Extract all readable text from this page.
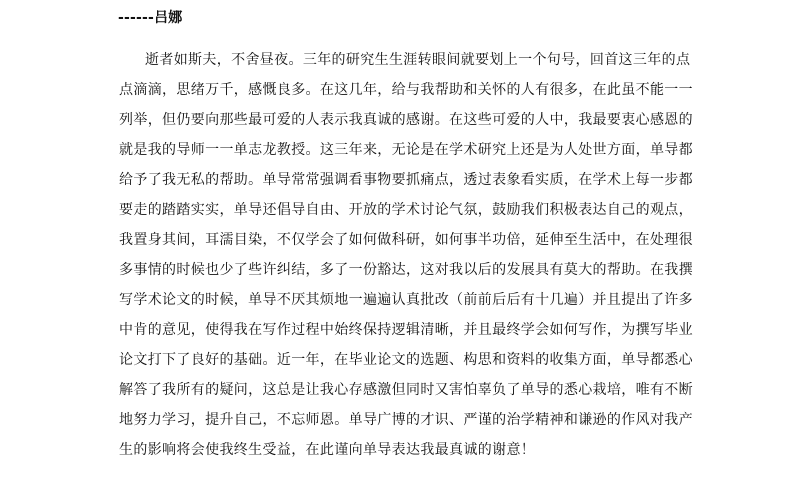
------吕娜
逝者如斯夫，不舍昼夜。三年的研究生生涯转眼间就要划上一个句号，回首这三年的点
点滴滴，思绪万千，感慨良多。在这几年，给与我帮助和关怀的人有很多，在此虽不能一一
列举，但仍要向那些最可爱的人表示我真诚的感谢。在这些可爱的人中，我最要衷心感恩的
就是我的导师一一单志龙教授。这三年来，无论是在学术研究上还是为人处世方面，单导都
给予了我无私的帮助。单导常常强调看事物要抓痛点，透过表象看实质，在学术上每一步都
要走的踏踏实实，单导还倡导自由、开放的学术讨论气氛，鼓励我们积极表达自己的观点，
我置身其间，耳濡目染，不仅学会了如何做科研，如何事半功倍，延伸至生活中，在处理很
多事情的时候也少了些许纠结，多了一份豁达，这对我以后的发展具有莫大的帮助。在我撰
写学术论文的时候，单导不厌其烦地一遍遍认真批改（前前后后有十几遍）并且提出了许多
中肯的意见，使得我在写作过程中始终保持逻辑清晰，并且最终学会如何写作，为撰写毕业
论文打下了良好的基础。近一年，在毕业论文的选题、构思和资料的收集方面，单导都悉心
解答了我所有的疑问，这总是让我心存感激但同时又害怕辜负了单导的悉心栽培，唯有不断
地努力学习，提升自己，不忘师恩。单导广博的才识、严谨的治学精神和谦逊的作风对我产
生的影响将会使我终生受益，在此谨向单导表达我最真诚的谢意！
